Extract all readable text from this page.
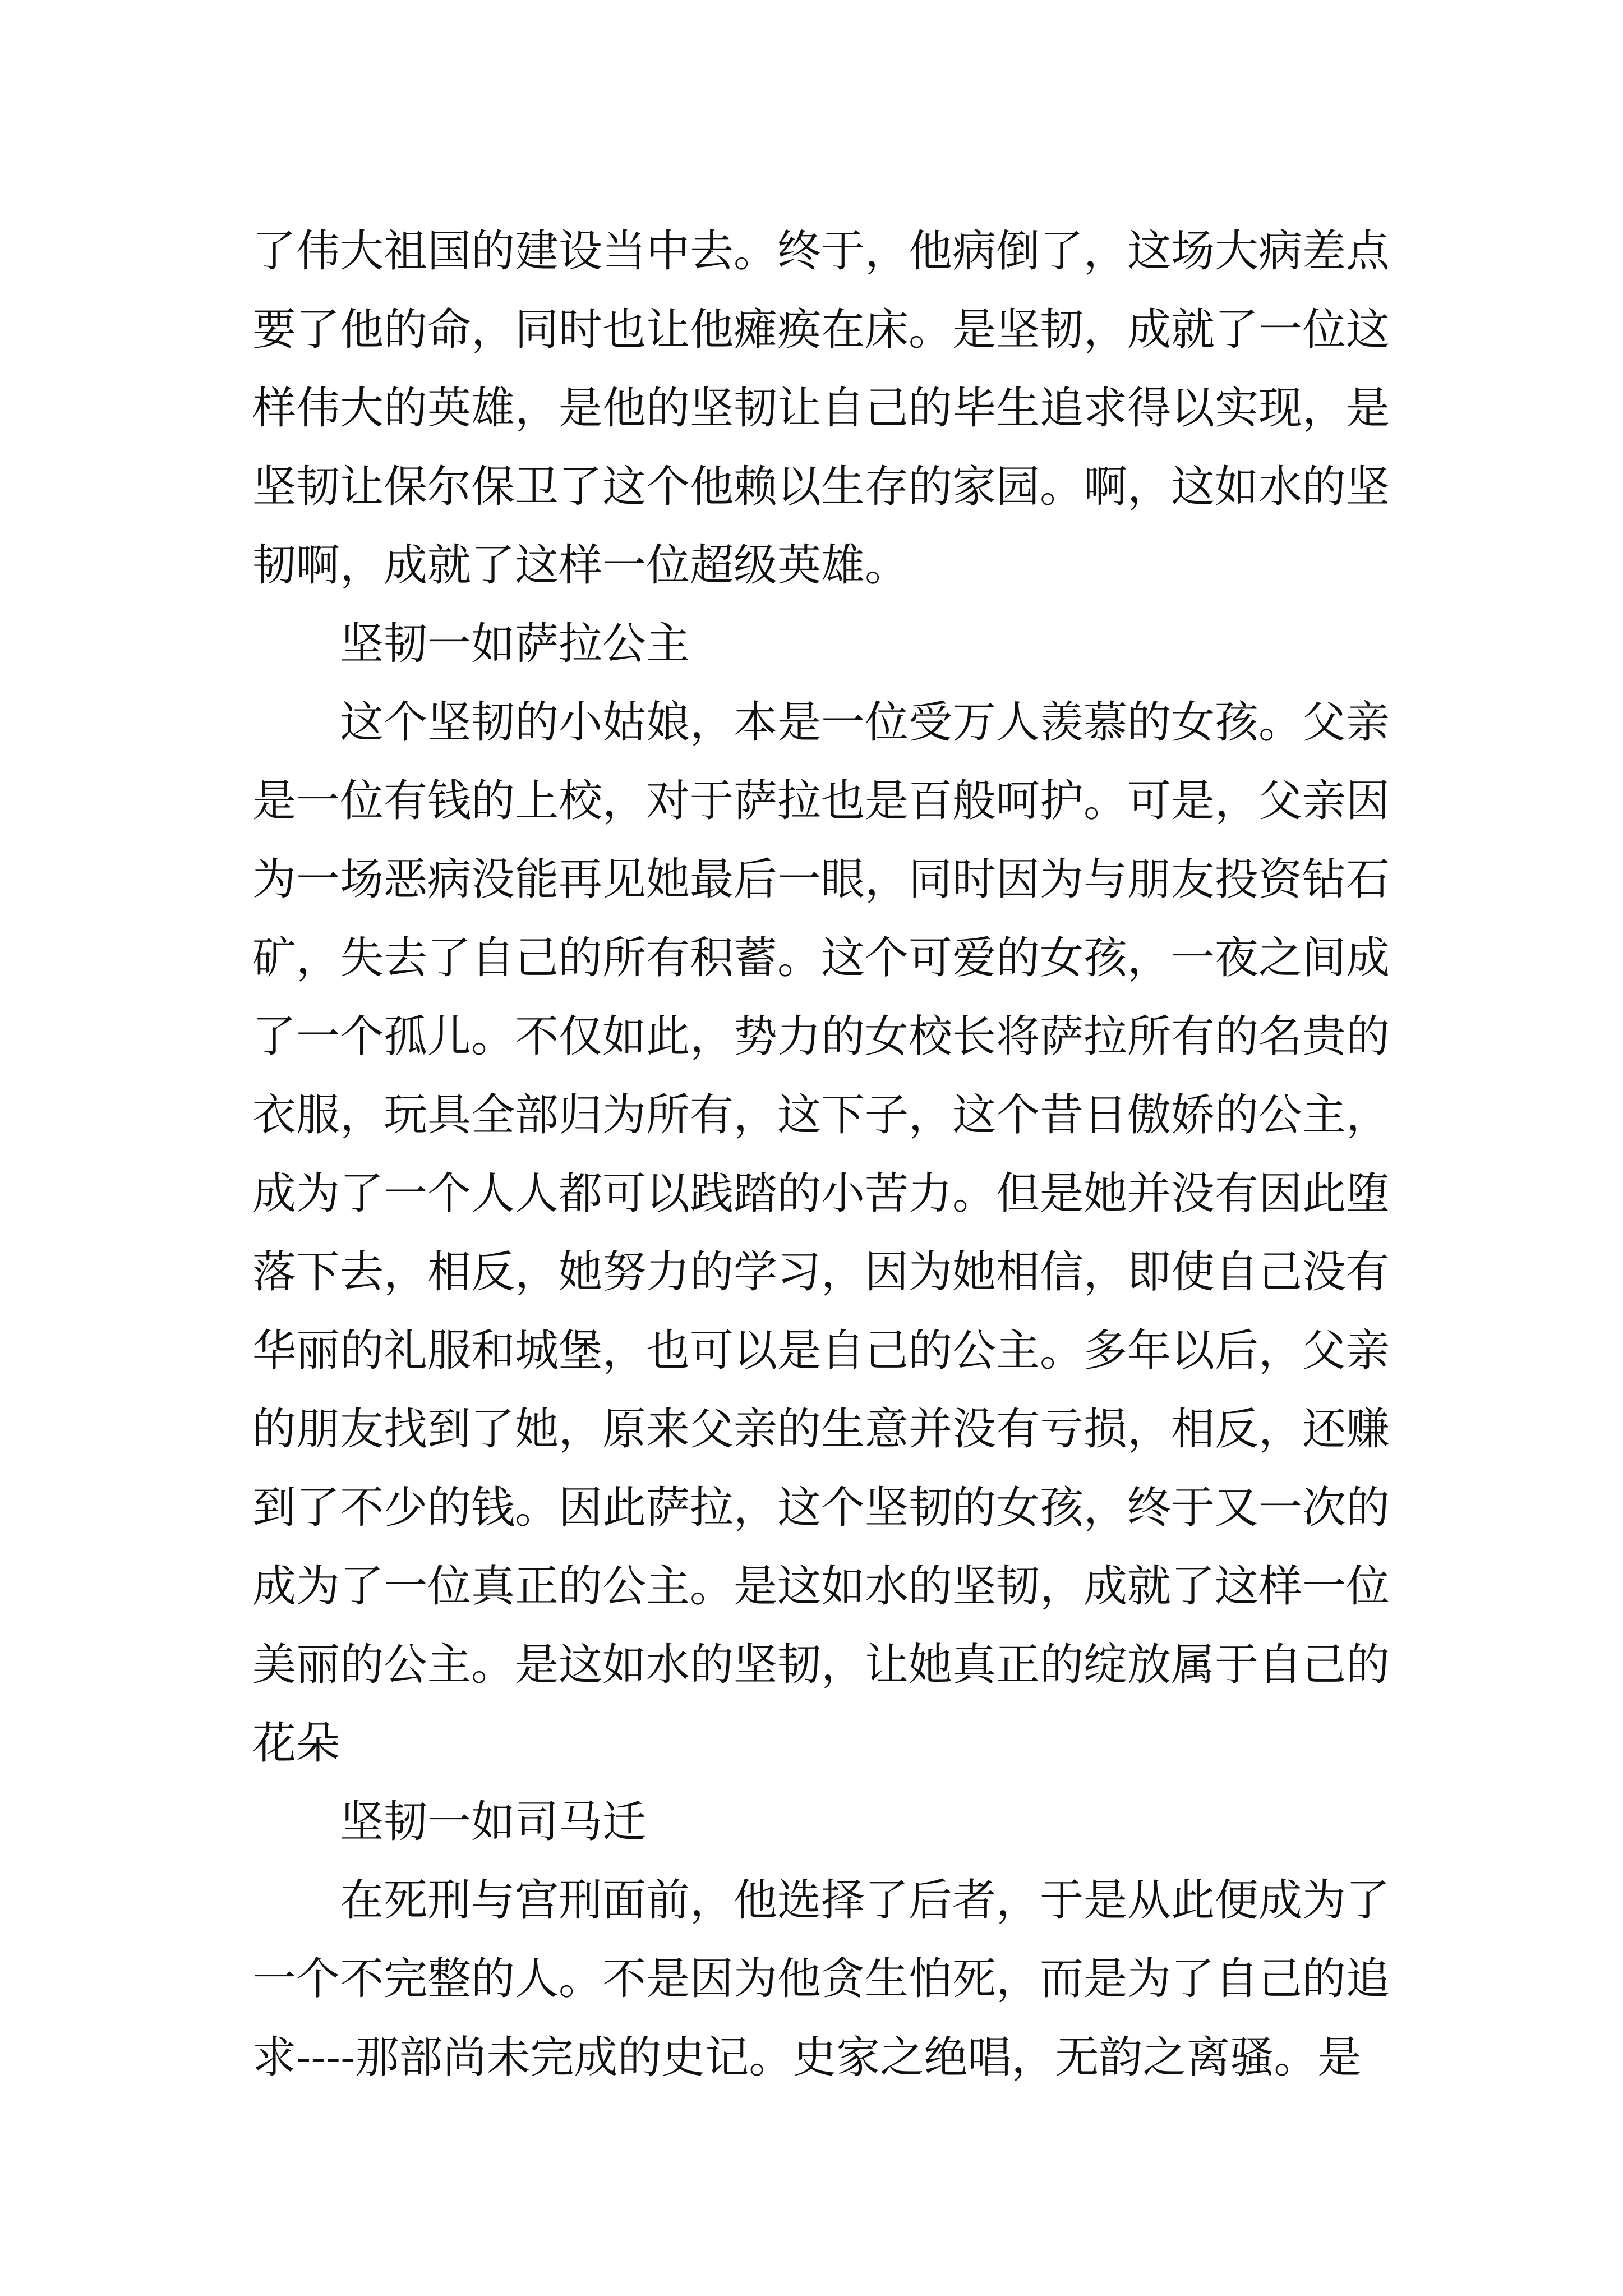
了伟大祖国的建设当中去。终于，他病倒了，这场大病差点
要了他的命，同时也让他瘫痪在床。是坚韧，成就了一位这
样伟大的英雄，是他的坚韧让自己的毕生追求得以实现，是
坚韧让保尔保卫了这个他赖以生存的家园。啊，这如水的坚
韧啊，成就了这样一位超级英雄。
坚韧一如萨拉公主
这个坚韧的小姑娘，本是一位受万人羡慕的女孩。父亲
是一位有钱的上校，对于萨拉也是百般呵护。可是，父亲因
为一场恶病没能再见她最后一眼，同时因为与朋友投资钻石
矿，失去了自己的所有积蓄。这个可爱的女孩，一夜之间成
了一个孤儿。不仅如此，势力的女校长将萨拉所有的名贵的
衣服，玩具全部归为所有，这下子，这个昔日傲娇的公主，
成为了一个人人都可以践踏的小苦力。但是她并没有因此堕
落下去，相反，她努力的学习，因为她相信，即使自己没有
华丽的礼服和城堡，也可以是自己的公主。多年以后，父亲
的朋友找到了她，原来父亲的生意并没有亏损，相反，还赚
到了不少的钱。因此萨拉，这个坚韧的女孩，终于又一次的
成为了一位真正的公主。是这如水的坚韧，成就了这样一位
美丽的公主。是这如水的坚韧，让她真正的绽放属于自己的
花朵
坚韧一如司马迁
在死刑与宫刑面前，他选择了后者，于是从此便成为了
一个不完整的人。不是因为他贪生怕死，而是为了自己的追
求----那部尚未完成的史记。史家之绝唱，无韵之离骚。是
